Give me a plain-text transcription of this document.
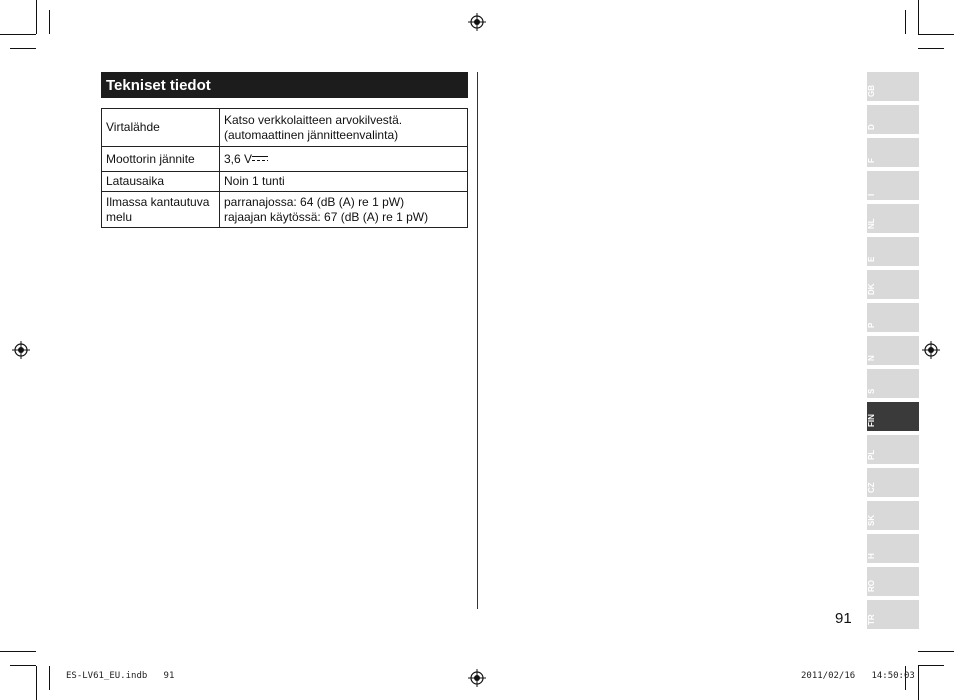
Tekniset tiedot
Virtalähde	Katso verkkolaitteen arvokilvestä.
(automaattinen jännitteenvalinta)

Moottorin jännite	3,6 V

Latausaika	Noin 1 tunti
Ilmassa kantautuva melu	parranajossa: 64 (dB (A) re 1 pW)
rajaajan käytössä: 67 (dB (A) re 1 pW)
GB
D
F
I
NL
E
DK
P
N
S
FIN
PL
CZ
SK
H
RO
TR
91
ES-LV61_EU.indb   91	2011/02/16   14:50:03
